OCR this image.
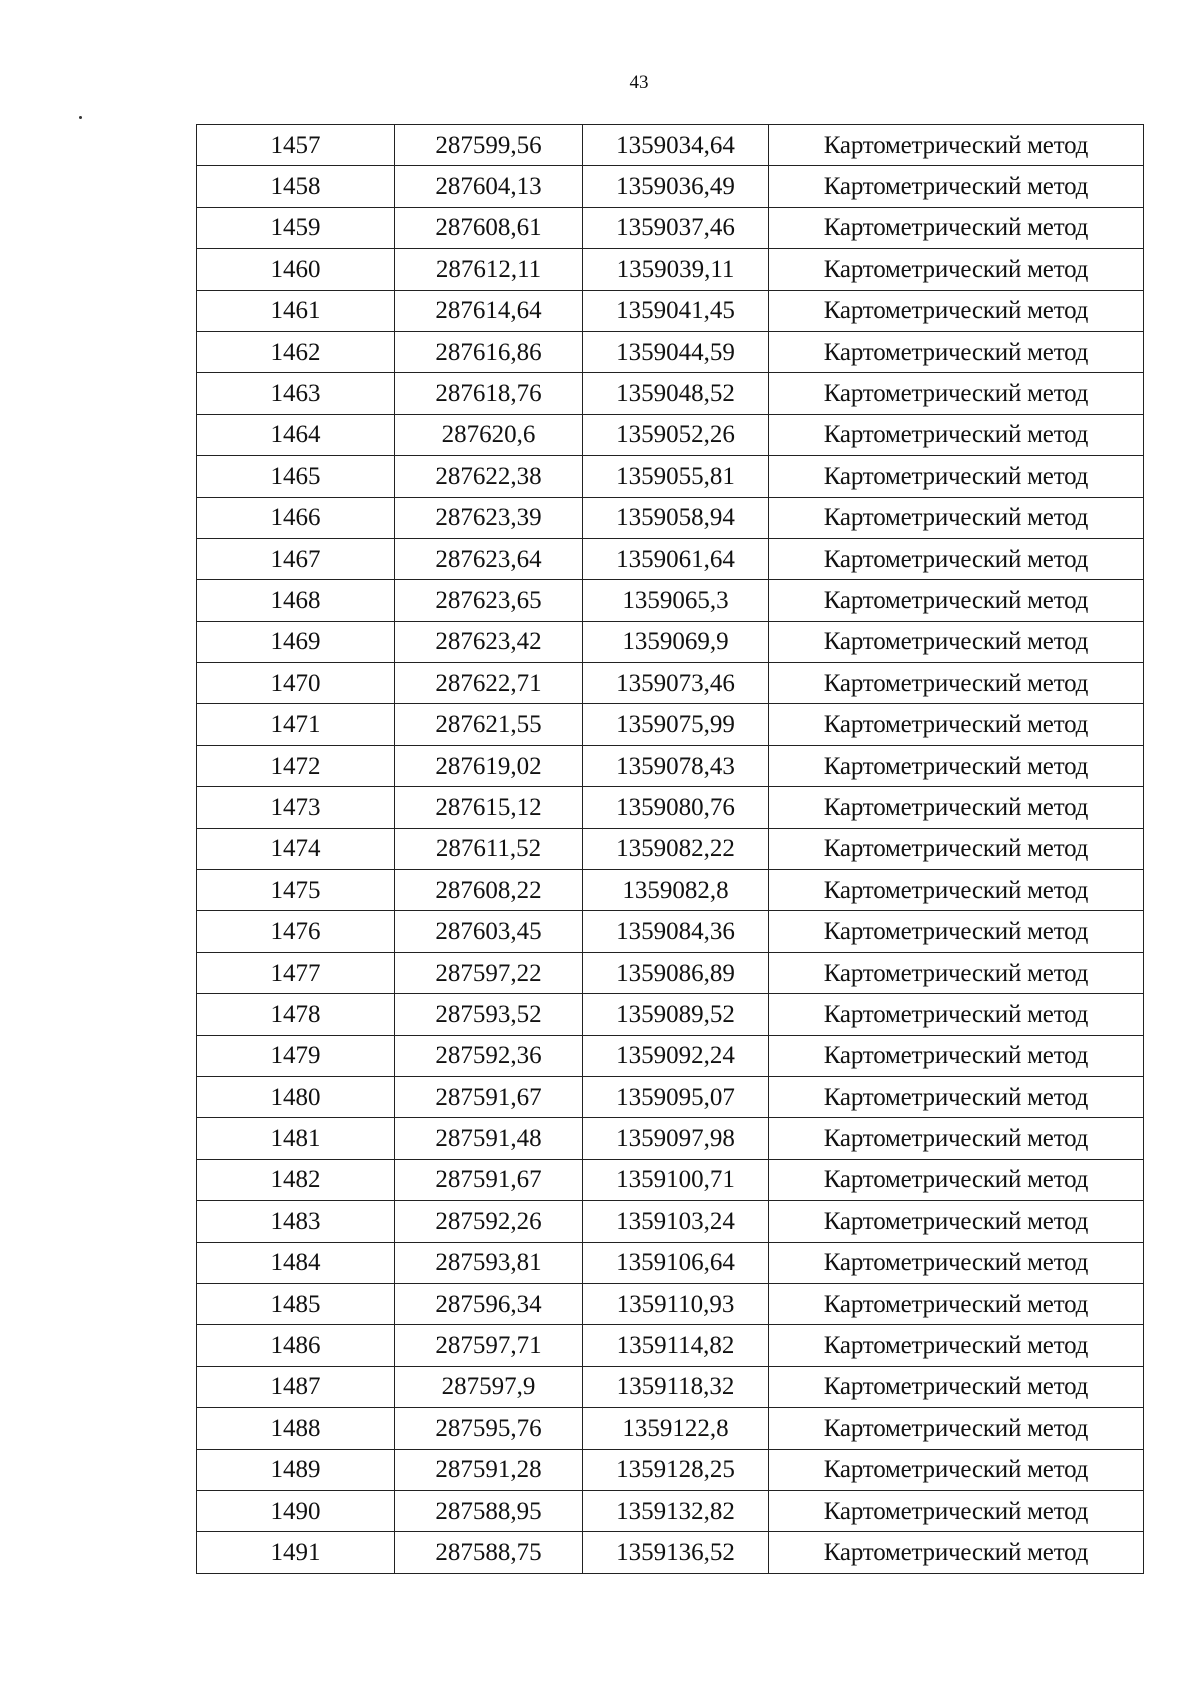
43
1457	287599,56	1359034,64	Картометрический метод
1458	287604,13	1359036,49	Картометрический метод
1459	287608,61	1359037,46	Картометрический метод
1460	287612,11	1359039,11	Картометрический метод
1461	287614,64	1359041,45	Картометрический метод
1462	287616,86	1359044,59	Картометрический метод
1463	287618,76	1359048,52	Картометрический метод
1464	287620,6	1359052,26	Картометрический метод
1465	287622,38	1359055,81	Картометрический метод
1466	287623,39	1359058,94	Картометрический метод
1467	287623,64	1359061,64	Картометрический метод
1468	287623,65	1359065,3	Картометрический метод
1469	287623,42	1359069,9	Картометрический метод
1470	287622,71	1359073,46	Картометрический метод
1471	287621,55	1359075,99	Картометрический метод
1472	287619,02	1359078,43	Картометрический метод
1473	287615,12	1359080,76	Картометрический метод
1474	287611,52	1359082,22	Картометрический метод
1475	287608,22	1359082,8	Картометрический метод
1476	287603,45	1359084,36	Картометрический метод
1477	287597,22	1359086,89	Картометрический метод
1478	287593,52	1359089,52	Картометрический метод
1479	287592,36	1359092,24	Картометрический метод
1480	287591,67	1359095,07	Картометрический метод
1481	287591,48	1359097,98	Картометрический метод
1482	287591,67	1359100,71	Картометрический метод
1483	287592,26	1359103,24	Картометрический метод
1484	287593,81	1359106,64	Картометрический метод
1485	287596,34	1359110,93	Картометрический метод
1486	287597,71	1359114,82	Картометрический метод
1487	287597,9	1359118,32	Картометрический метод
1488	287595,76	1359122,8	Картометрический метод
1489	287591,28	1359128,25	Картометрический метод
1490	287588,95	1359132,82	Картометрический метод
1491	287588,75	1359136,52	Картометрический метод
